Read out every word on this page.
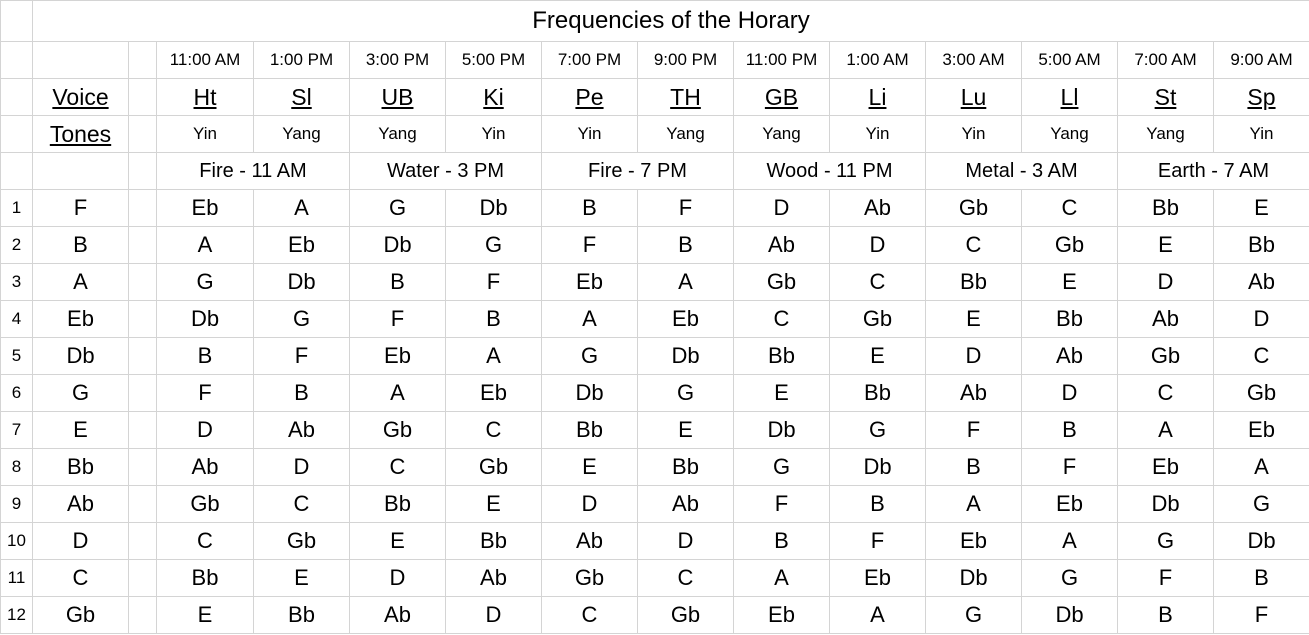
	Frequencies of the Horary													
			11:00 AM	1:00 PM	3:00 PM	5:00 PM	7:00 PM	9:00 PM	11:00 PM	1:00 AM	3:00 AM	5:00 AM	7:00 AM	9:00 AM
	Voice		Ht	Sl	UB	Ki	Pe	TH	GB	Li	Lu	Ll	St	Sp
	Tones		Yin	Yang	Yang	Yin	Yin	Yang	Yang	Yin	Yin	Yang	Yang	Yin
			Fire - 11 AM		Water - 3 PM		Fire - 7 PM		Wood - 11 PM		Metal - 3 AM		Earth - 7 AM	
1	F		Eb	A	G	Db	B	F	D	Ab	Gb	C	Bb	E
2	B		A	Eb	Db	G	F	B	Ab	D	C	Gb	E	Bb
3	A		G	Db	B	F	Eb	A	Gb	C	Bb	E	D	Ab
4	Eb		Db	G	F	B	A	Eb	C	Gb	E	Bb	Ab	D
5	Db		B	F	Eb	A	G	Db	Bb	E	D	Ab	Gb	C
6	G		F	B	A	Eb	Db	G	E	Bb	Ab	D	C	Gb
7	E		D	Ab	Gb	C	Bb	E	Db	G	F	B	A	Eb
8	Bb		Ab	D	C	Gb	E	Bb	G	Db	B	F	Eb	A
9	Ab		Gb	C	Bb	E	D	Ab	F	B	A	Eb	Db	G
10	D		C	Gb	E	Bb	Ab	D	B	F	Eb	A	G	Db
11	C		Bb	E	D	Ab	Gb	C	A	Eb	Db	G	F	B
12	Gb		E	Bb	Ab	D	C	Gb	Eb	A	G	Db	B	F
